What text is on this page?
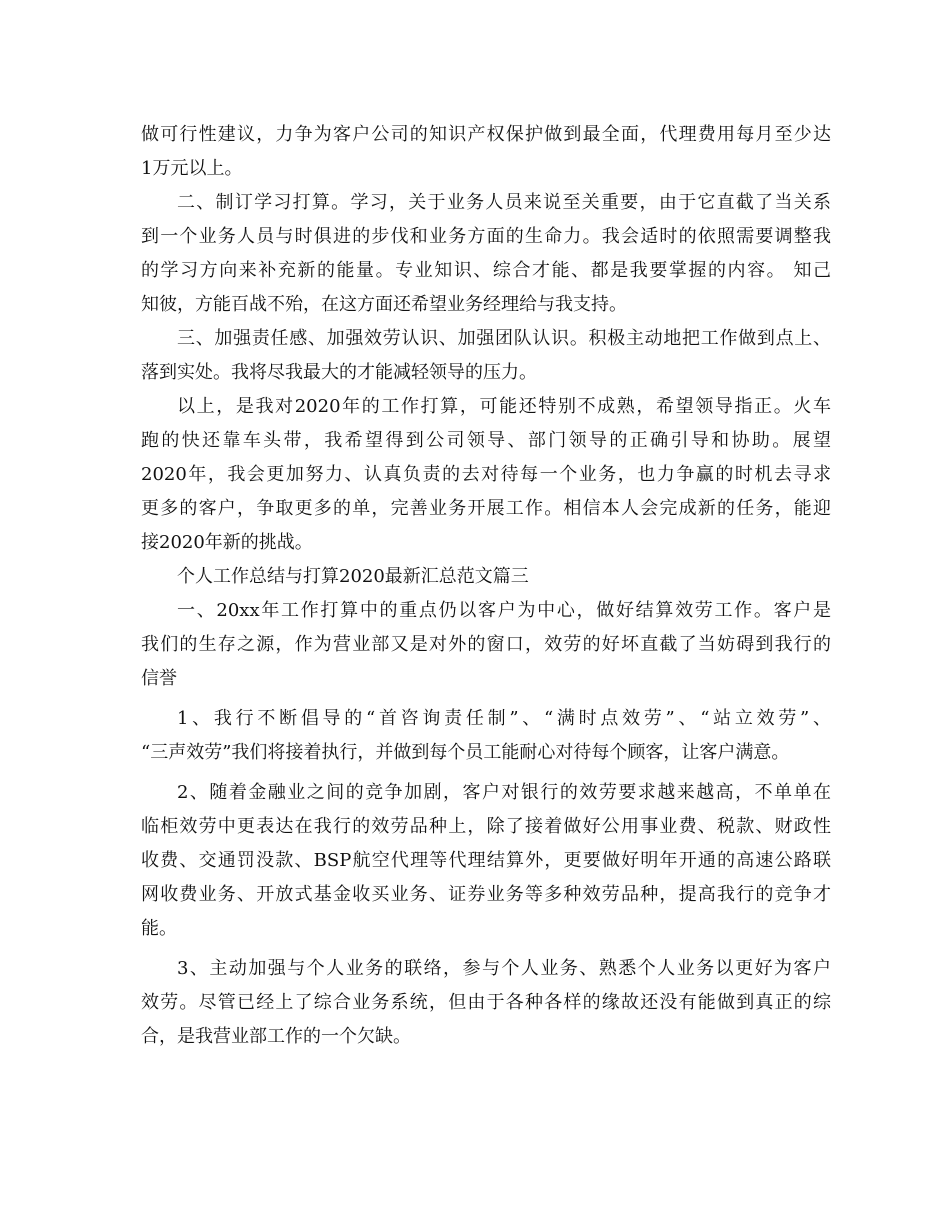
做可行性建议，力争为客户公司的知识产权保护做到最全面，代理费用每月至少达
1万元以上。
二、制订学习打算。学习，关于业务人员来说至关重要，由于它直截了当关系
到一个业务人员与时俱进的步伐和业务方面的生命力。我会适时的依照需要调整我
的学习方向来补充新的能量。专业知识、综合才能、都是我要掌握的内容。 知己
知彼，方能百战不殆，在这方面还希望业务经理给与我支持。
三、加强责任感、加强效劳认识、加强团队认识。积极主动地把工作做到点上、
落到实处。我将尽我最大的才能减轻领导的压力。
以上，是我对2020年的工作打算，可能还特别不成熟，希望领导指正。火车
跑的快还靠车头带，我希望得到公司领导、部门领导的正确引导和协助。展望
2020年，我会更加努力、认真负责的去对待每一个业务，也力争赢的时机去寻求
更多的客户，争取更多的单，完善业务开展工作。相信本人会完成新的任务，能迎
接2020年新的挑战。
个人工作总结与打算2020最新汇总范文篇三
一、20xx年工作打算中的重点仍以客户为中心，做好结算效劳工作。客户是
我们的生存之源，作为营业部又是对外的窗口，效劳的好坏直截了当妨碍到我行的
信誉
1、我行不断倡导的“首咨询责任制”、“满时点效劳”、“站立效劳”、
“三声效劳”我们将接着执行，并做到每个员工能耐心对待每个顾客，让客户满意。
2、随着金融业之间的竞争加剧，客户对银行的效劳要求越来越高，不单单在
临柜效劳中更表达在我行的效劳品种上，除了接着做好公用事业费、税款、财政性
收费、交通罚没款、BSP航空代理等代理结算外，更要做好明年开通的高速公路联
网收费业务、开放式基金收买业务、证券业务等多种效劳品种，提高我行的竞争才
能。
3、主动加强与个人业务的联络，参与个人业务、熟悉个人业务以更好为客户
效劳。尽管已经上了综合业务系统，但由于各种各样的缘故还没有能做到真正的综
合，是我营业部工作的一个欠缺。
